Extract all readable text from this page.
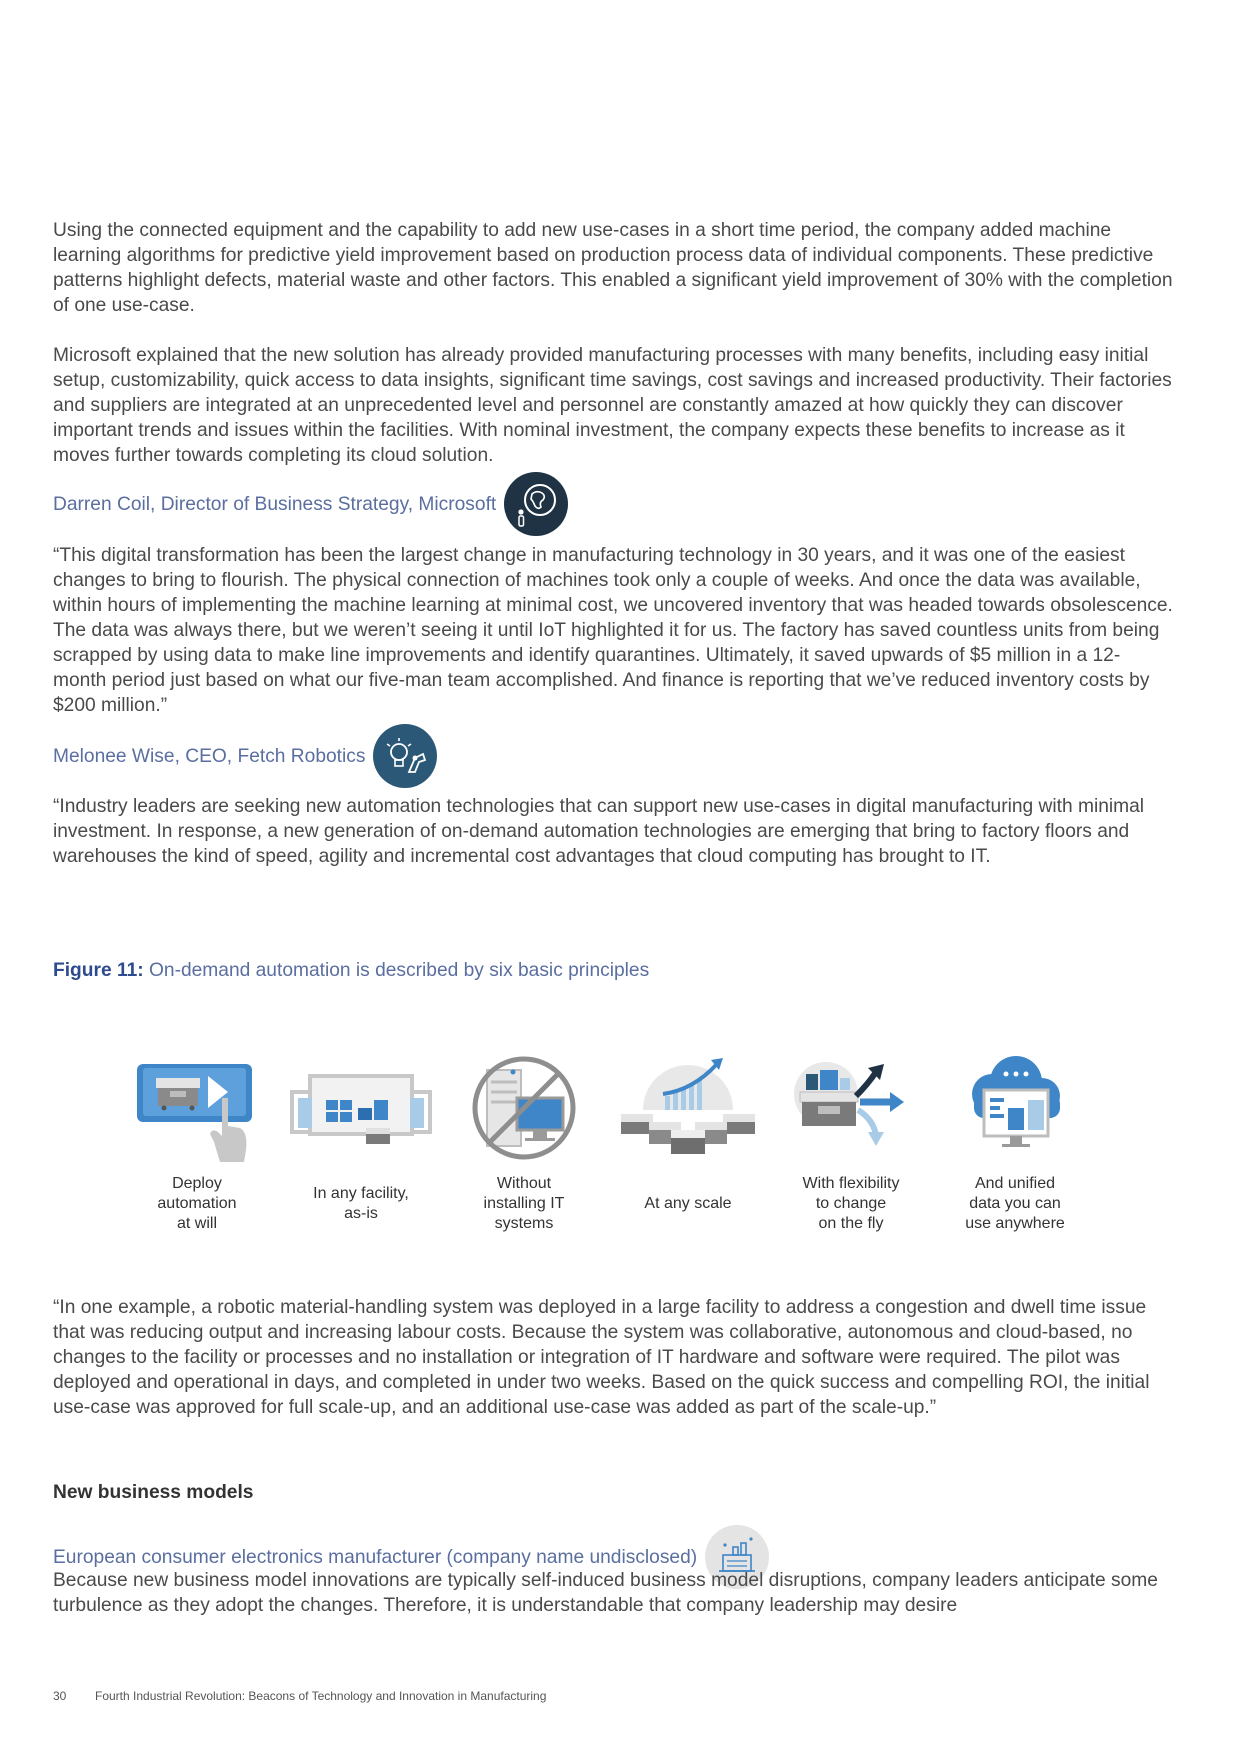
Using the connected equipment and the capability to add new use-cases in a short time period, the company added machine learning algorithms for predictive yield improvement based on production process data of individual components. These predictive patterns highlight defects, material waste and other factors. This enabled a significant yield improvement of 30% with the completion of one use-case.

Microsoft explained that the new solution has already provided manufacturing processes with many benefits, including easy initial setup, customizability, quick access to data insights, significant time savings, cost savings and increased productivity. Their factories and suppliers are integrated at an unprecedented level and personnel are constantly amazed at how quickly they can discover important trends and issues within the facilities. With nominal investment, the company expects these benefits to increase as it moves further towards completing its cloud solution.

Darren Coil, Director of Business Strategy, Microsoft

“This digital transformation has been the largest change in manufacturing technology in 30 years, and it was one of the easiest changes to bring to flourish. The physical connection of machines took only a couple of weeks. And once the data was available, within hours of implementing the machine learning at minimal cost, we uncovered inventory that was headed towards obsolescence. The data was always there, but we weren’t seeing it until IoT highlighted it for us. The factory has saved countless units from being scrapped by using data to make line improvements and identify quarantines. Ultimately, it saved upwards of $5 million in a 12-month period just based on what our five-man team accomplished. And finance is reporting that we’ve reduced inventory costs by $200 million.”

Melonee Wise, CEO, Fetch Robotics

“Industry leaders are seeking new automation technologies that can support new use-cases in digital manufacturing with minimal investment. In response, a new generation of on-demand automation technologies are emerging that bring to factory floors and warehouses the kind of speed, agility and incremental cost advantages that cloud computing has brought to IT.

Figure 11: On-demand automation is described by six basic principles
Deploy
automation
at will
In any facility,
as-is
Without
installing IT
systems
At any scale
With flexibility
to change
on the fly
And unified
data you can
use anywhere

“In one example, a robotic material-handling system was deployed in a large facility to address a congestion and dwell time issue that was reducing output and increasing labour costs. Because the system was collaborative, autonomous and cloud-based, no changes to the facility or processes and no installation or integration of IT hardware and software were required. The pilot was deployed and operational in days, and completed in under two weeks. Based on the quick success and compelling ROI, the initial use-case was approved for full scale-up, and an additional use-case was added as part of the scale-up.”

New business models
European consumer electronics manufacturer (company name undisclosed)

Because new business model innovations are typically self-induced business model disruptions, company leaders anticipate some turbulence as they adopt the changes. Therefore, it is understandable that company leadership may desire

30 Fourth Industrial Revolution: Beacons of Technology and Innovation in Manufacturing
